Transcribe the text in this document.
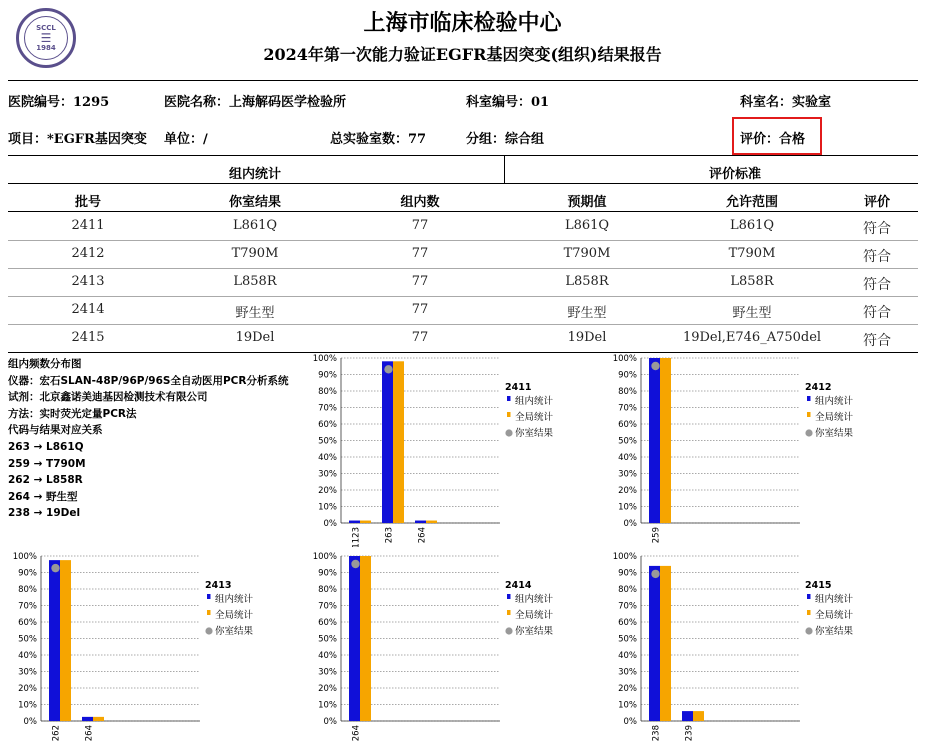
SCCL
☰
1984
上海市临床检验中心
2024年第一次能力验证EGFR基因突变(组织)结果报告
医院编号：1295	医院名称：上海解码医学检验所	科室编号：01	科室名：实验室
项目：*EGFR基因突变 单位：/	总实验室数：77	分组：综合组	评价：合格
组内统计	评价标准
批号	你室结果	组内数	预期值	允许范围	评价
2411	L861Q	77	L861Q	L861Q	符合
2412	T790M	77	T790M	T790M	符合
2413	L858R	77	L858R	L858R	符合
2414	野生型	77	野生型	野生型	符合
2415	19Del	77	19Del	19Del,E746_A750del	符合
组内频数分布图
仪器：宏石SLAN-48P/96P/96S全自动医用PCR分析系统
试剂：北京鑫诺美迪基因检测技术有限公司
方法：实时荧光定量PCR法
代码与结果对应关系
263 → L861Q
259 → T790M
262 → L858R
264 → 野生型
238 → 19Del
0%
10%
20%
30%
40%
50%
60%
70%
80%
90%
100%
1123	263	264
2411
组内统计
全局统计
你室结果
0%
10%
20%
30%
40%
50%
60%
70%
80%
90%
100%
259
2412
组内统计
全局统计
你室结果
0%
10%
20%
30%
40%
50%
60%
70%
80%
90%
100%
262	264
2413
组内统计
全局统计
你室结果
0%
10%
20%
30%
40%
50%
60%
70%
80%
90%
100%
264
2414
组内统计
全局统计
你室结果
0%
10%
20%
30%
40%
50%
60%
70%
80%
90%
100%
238	239
2415
组内统计
全局统计
你室结果
